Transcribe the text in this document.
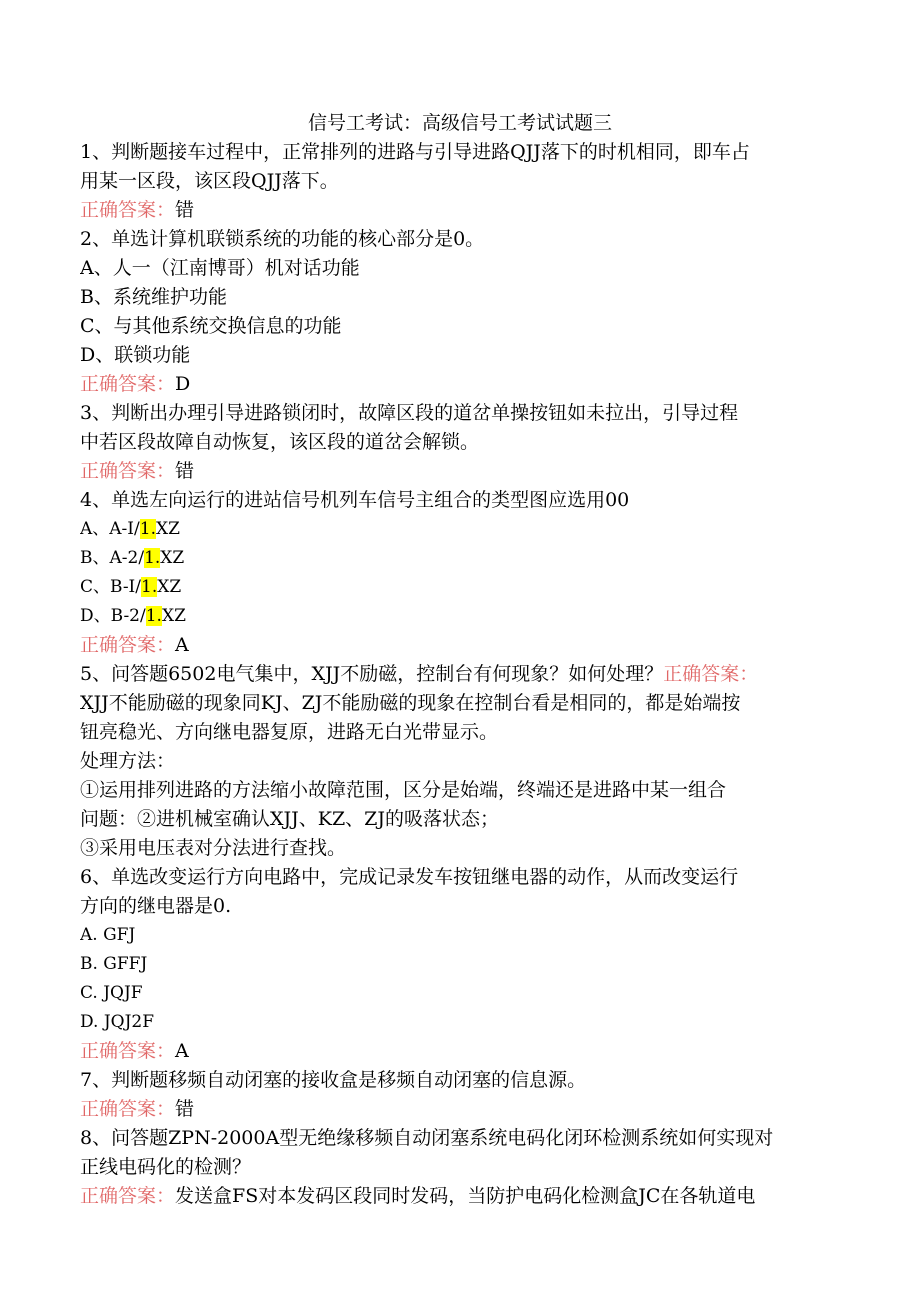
信号工考试：高级信号工考试试题三
1、判断题接车过程中，正常排列的进路与引导进路QJJ落下的时机相同，即车占
用某一区段，该区段QJJ落下。
正确答案：错
2、单选计算机联锁系统的功能的核心部分是0。
A、人一（江南博哥）机对话功能
B、系统维护功能
C、与其他系统交换信息的功能
D、联锁功能
正确答案：D
3、判断出办理引导进路锁闭时，故障区段的道岔单操按钮如未拉出，引导过程
中若区段故障自动恢复，该区段的道岔会解锁。
正确答案：错
4、单选左向运行的进站信号机列车信号主组合的类型图应选用00
A、A-I/1.XZ
B、A-2/1.XZ
C、B-I/1.XZ
D、B-2/1.XZ
正确答案：A
5、问答题6502电气集中，XJJ不励磁，控制台有何现象？如何处理？正确答案：
XJJ不能励磁的现象同KJ、ZJ不能励磁的现象在控制台看是相同的，都是始端按
钮亮稳光、方向继电器复原，进路无白光带显示。
处理方法：
①运用排列进路的方法缩小故障范围，区分是始端，终端还是进路中某一组合
问题：②进机械室确认XJJ、KZ、ZJ的吸落状态；
③采用电压表对分法进行查找。
6、单选改变运行方向电路中，完成记录发车按钮继电器的动作，从而改变运行
方向的继电器是0.
A. GFJ
B. GFFJ
C. JQJF
D. JQJ2F
正确答案：A
7、判断题移频自动闭塞的接收盒是移频自动闭塞的信息源。
正确答案：错
8、问答题ZPN-2000A型无绝缘移频自动闭塞系统电码化闭环检测系统如何实现对
正线电码化的检测？
正确答案：发送盒FS对本发码区段同时发码，当防护电码化检测盒JC在各轨道电
